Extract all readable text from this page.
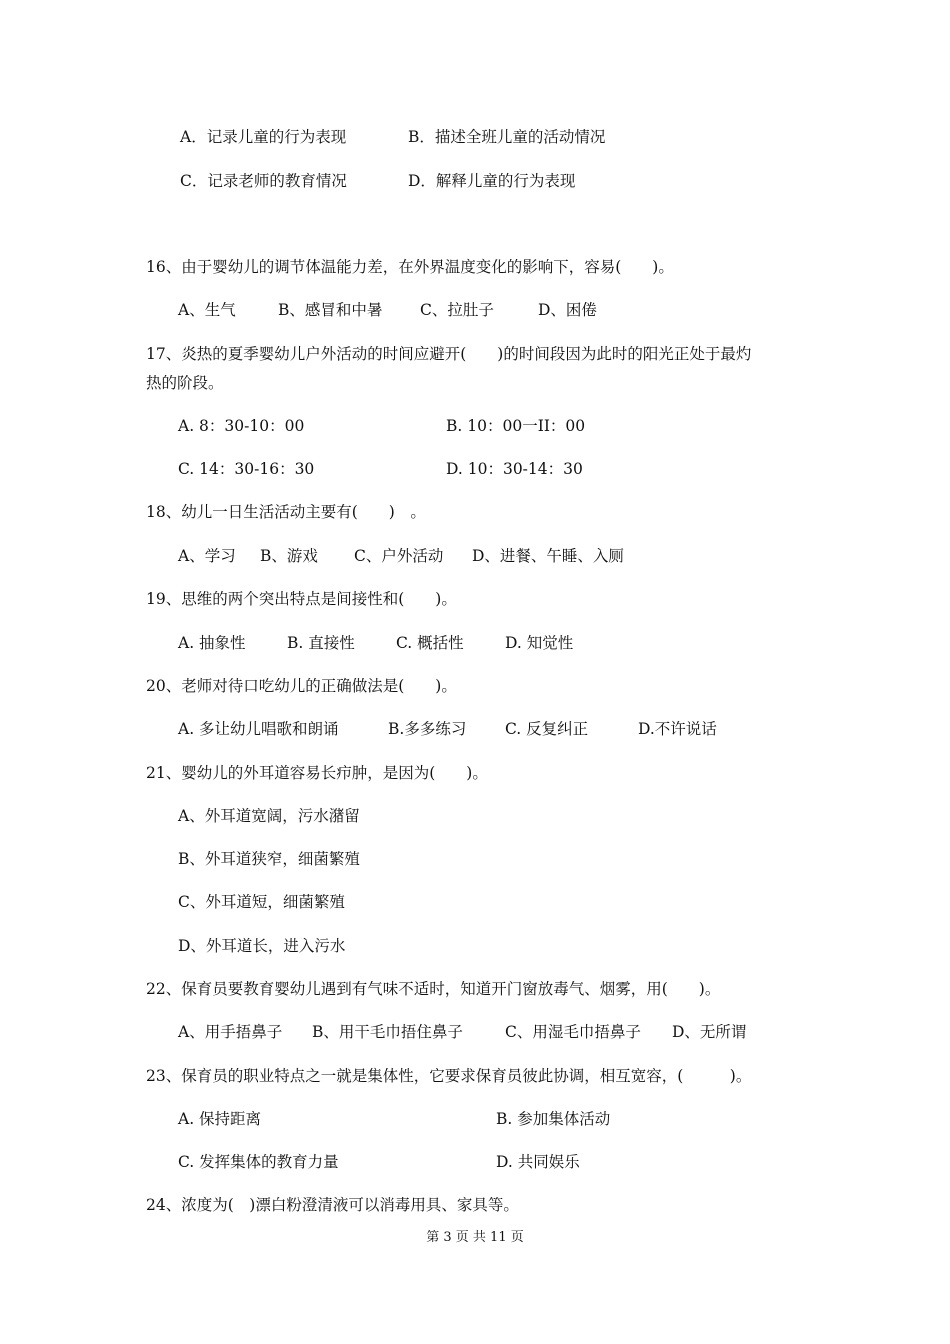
A．记录儿童的行为表现	B．描述全班儿童的活动情况
C．记录老师的教育情况	D．解释儿童的行为表现
16、由于婴幼儿的调节体温能力差，在外界温度变化的影响下，容易(　　)。
A、生气	B、感冒和中暑 C、拉肚子	D、困倦
17、炎热的夏季婴幼儿户外活动的时间应避开(　　)的时间段因为此时的阳光正处于最灼
热的阶段。
A. 8：30-10：00	B. 10：00一II：00
C. 14：30-16：30	D. 10：30-14：30
18、幼儿一日生活活动主要有(　　)　。
A、学习 B、游戏 C、户外活动 D、进餐、午睡、入厕
19、思维的两个突出特点是间接性和(　　)。
A. 抽象性	B. 直接性	C. 概括性	D. 知觉性
20、老师对待口吃幼儿的正确做法是(　　)。
A. 多让幼儿唱歌和朗诵	B.多多练习 C. 反复纠正	D.不许说话
21、婴幼儿的外耳道容易长疖肿，是因为(　　)。
A、外耳道宽阔，污水潴留
B、外耳道狭窄，细菌繁殖
C、外耳道短，细菌繁殖
D、外耳道长，进入污水
22、保育员要教育婴幼儿遇到有气味不适时，知道开门窗放毒气、烟雾，用(　　)。
A、用手捂鼻子 B、用干毛巾捂住鼻子	C、用湿毛巾捂鼻子 D、无所谓
23、保育员的职业特点之一就是集体性，它要求保育员彼此协调，相互宽容，(　　　)。
A. 保持距离	B. 参加集体活动
C. 发挥集体的教育力量	D. 共同娱乐
24、浓度为(　)漂白粉澄清液可以消毒用具、家具等。
第 3 页 共 11 页
